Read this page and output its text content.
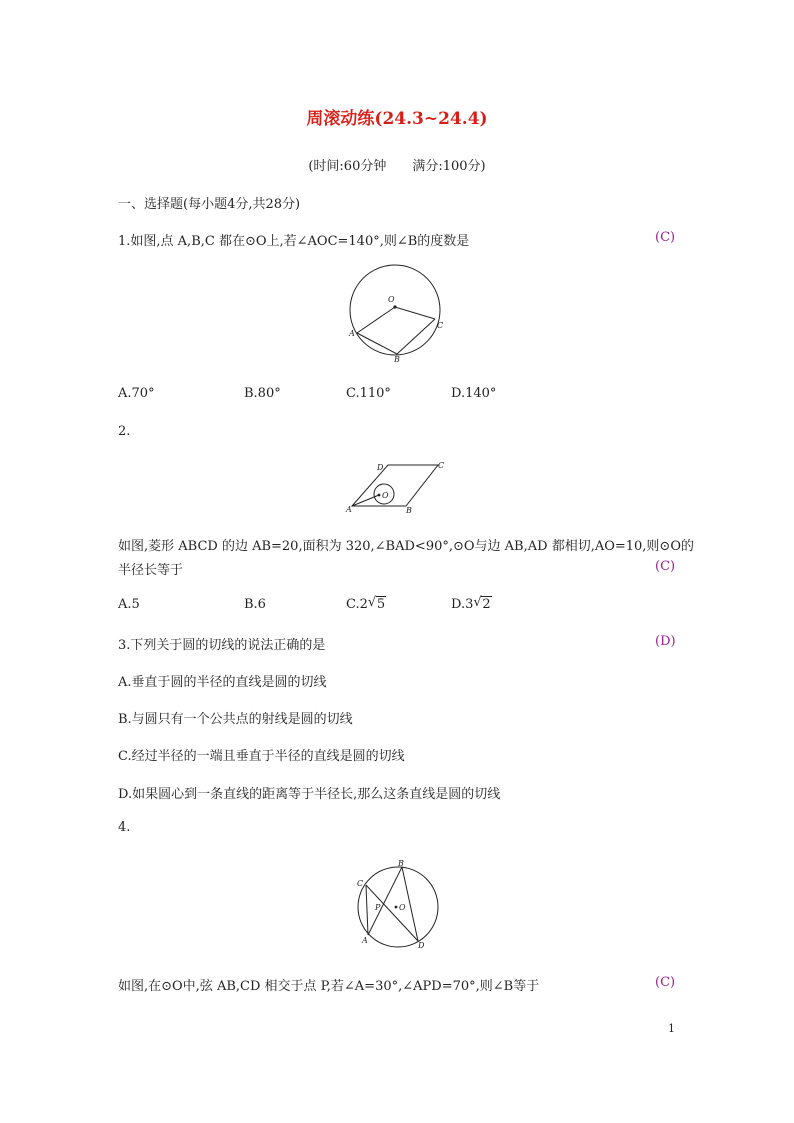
周滚动练(24.3~24.4)
(时间:60分钟 满分:100分)
一、选择题(每小题4分,共28分)
1.如图,点 A,B,C 都在⊙O上,若∠AOC=140°,则∠B的度数是	(C)
O
A
B
C
A.70°	B.80°	C.110°	D.140°
2.
D	C
A	B
O
如图,菱形 ABCD 的边 AB=20,面积为 320,∠BAD<90°,⊙O与边 AB,AD 都相切,AO=10,则⊙O的
半径长等于	(C)
A.5	B.6	C.2 √ 5	D.3 √ 2
3.下列关于圆的切线的说法正确的是	(D)
A.垂直于圆的半径的直线是圆的切线
B.与圆只有一个公共点的射线是圆的切线
C.经过半径的一端且垂直于半径的直线是圆的切线
D.如果圆心到一条直线的距离等于半径长,那么这条直线是圆的切线
4.
B
C
P O
A
D
如图,在⊙O中,弦 AB,CD 相交于点 P,若∠A=30°,∠APD=70°,则∠B等于	(C)
1
